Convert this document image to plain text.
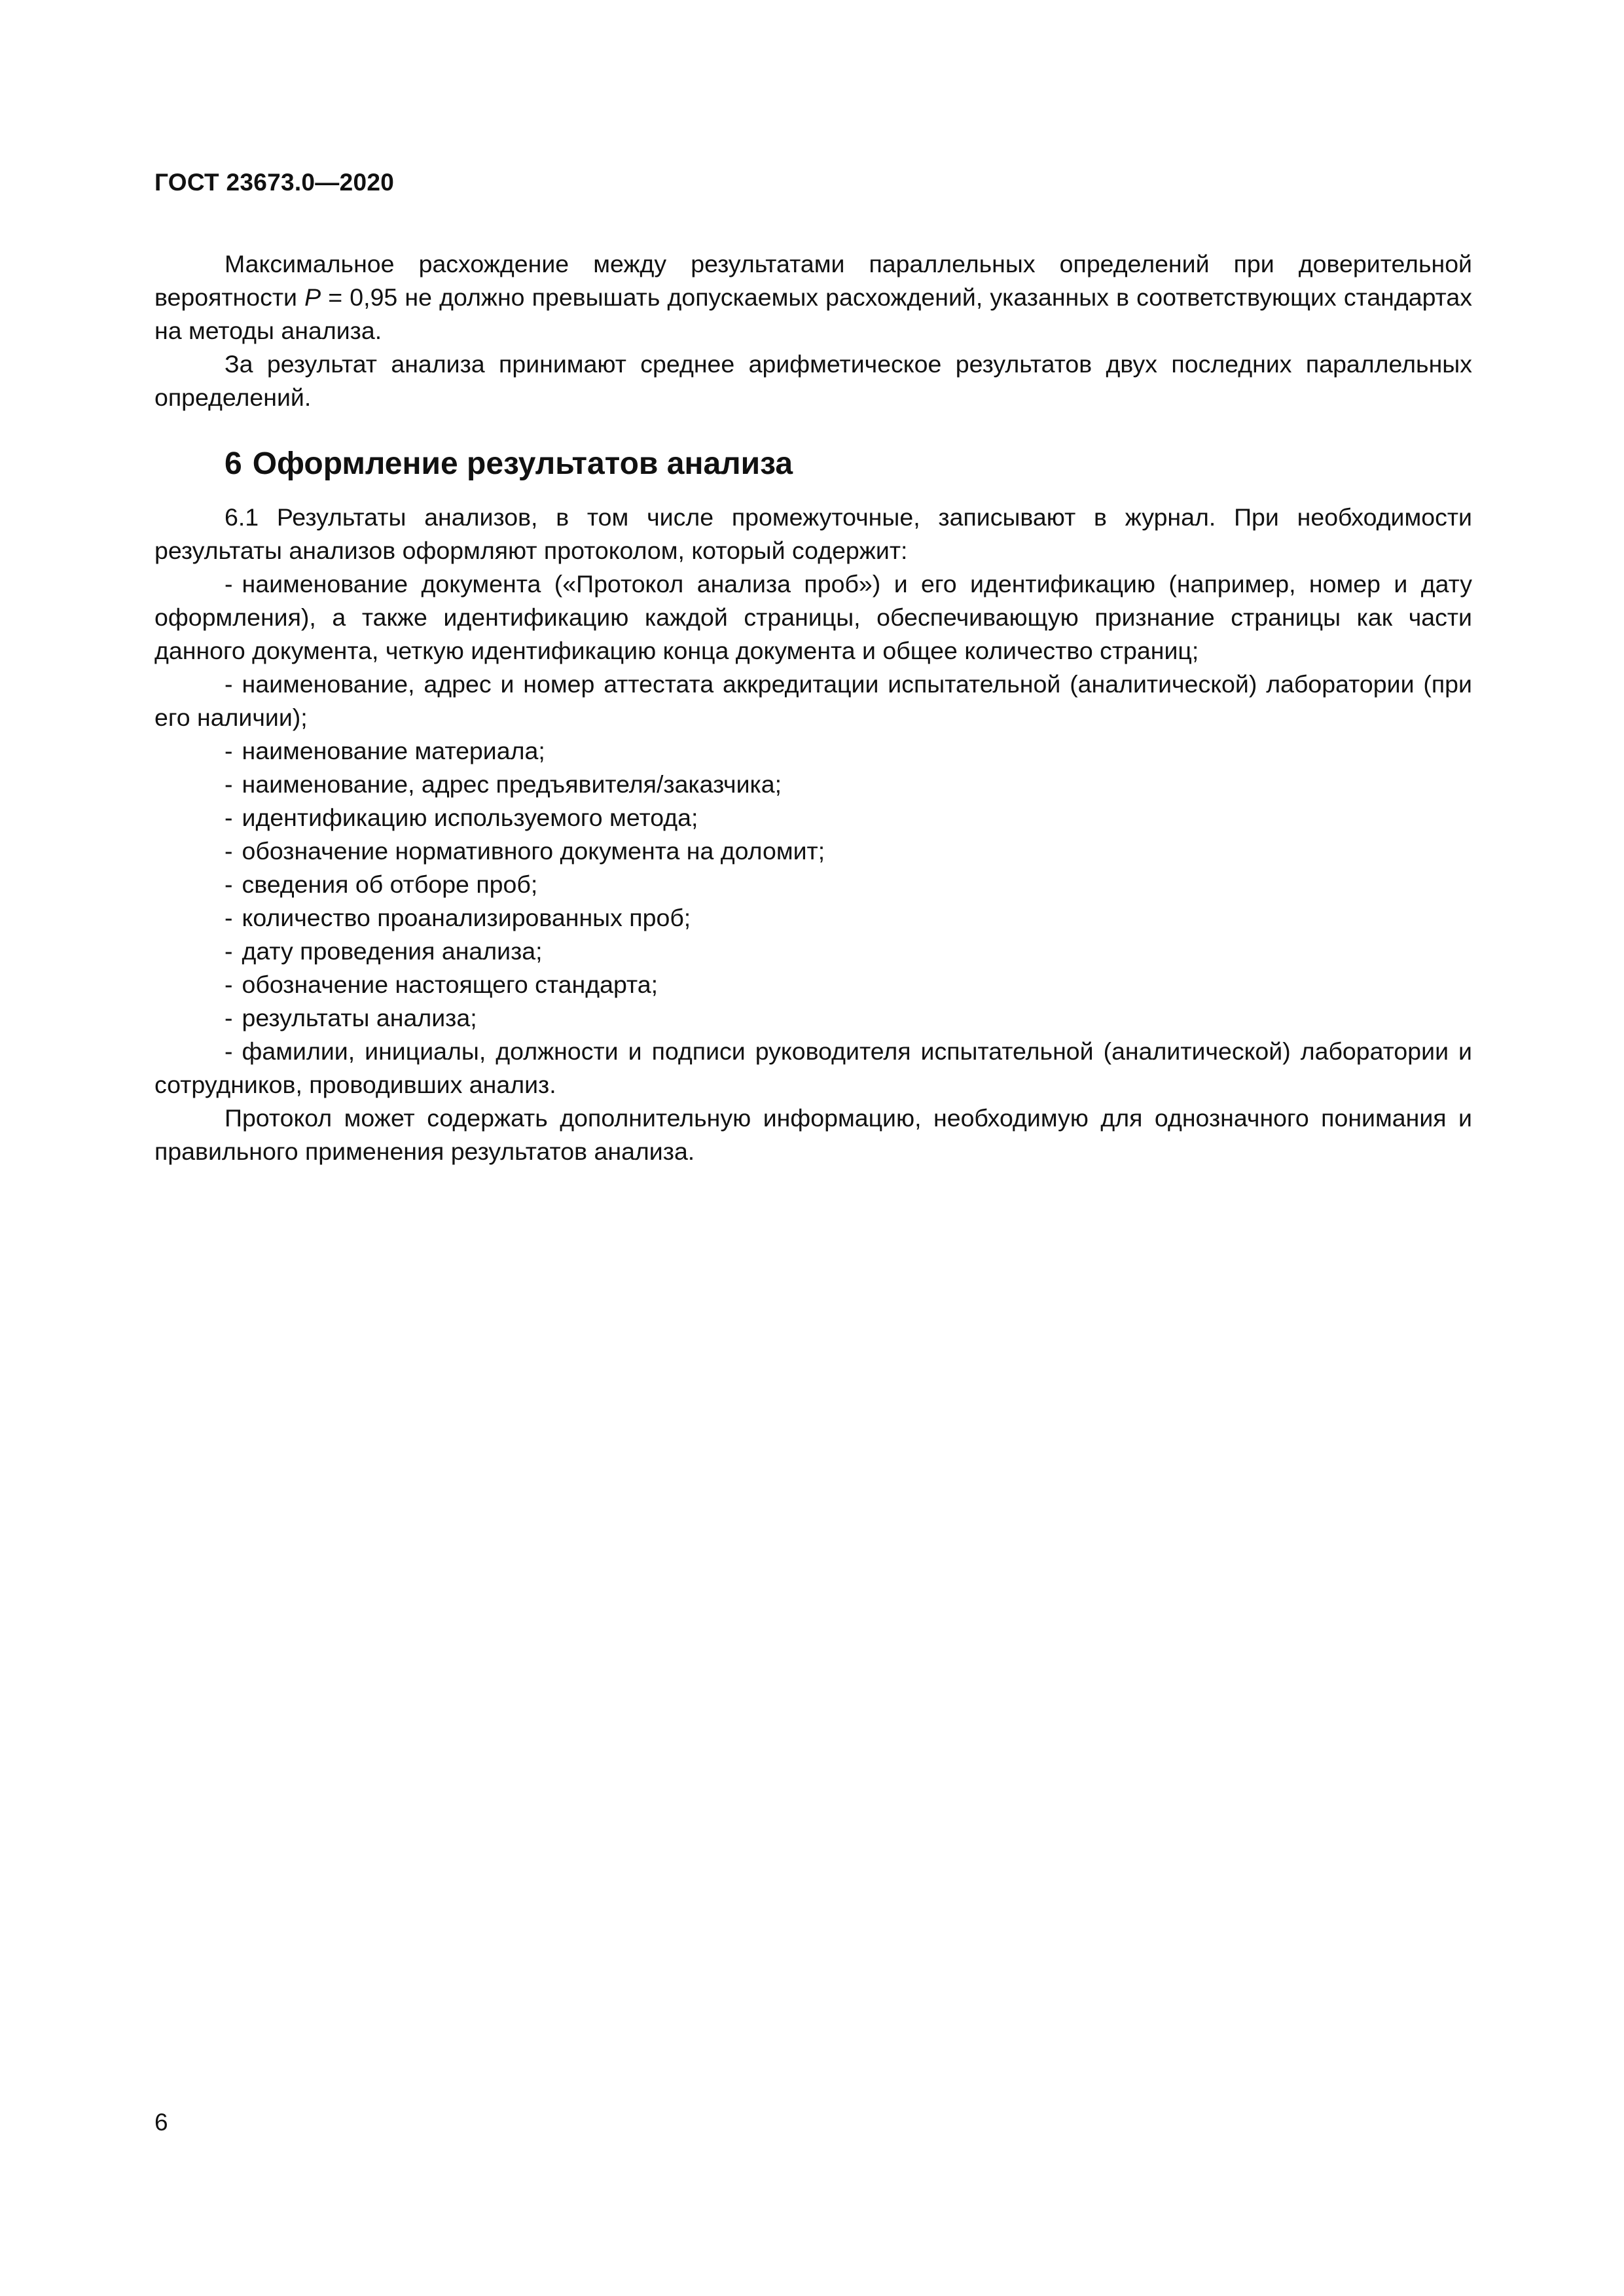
ГОСТ 23673.0—2020

Максимальное расхождение между результатами параллельных определений при доверительной вероятности P = 0,95 не должно превышать допускаемых расхождений, указанных в соответствующих стандартах на методы анализа.

За результат анализа принимают среднее арифметическое результатов двух последних параллельных определений.

6 Оформление результатов анализа

6.1 Результаты анализов, в том числе промежуточные, записывают в журнал. При необходимости результаты анализов оформляют протоколом, который содержит:

- наименование документа («Протокол анализа проб») и его идентификацию (например, номер и дату оформления), а также идентификацию каждой страницы, обеспечивающую признание страницы как части данного документа, четкую идентификацию конца документа и общее количество страниц;

- наименование, адрес и номер аттестата аккредитации испытательной (аналитической) лаборатории (при его наличии);

- наименование материала;

- наименование, адрес предъявителя/заказчика;

- идентификацию используемого метода;

- обозначение нормативного документа на доломит;

- сведения об отборе проб;

- количество проанализированных проб;

- дату проведения анализа;

- обозначение настоящего стандарта;

- результаты анализа;

- фамилии, инициалы, должности и подписи руководителя испытательной (аналитической) лаборатории и сотрудников, проводивших анализ.

Протокол может содержать дополнительную информацию, необходимую для однозначного понимания и правильного применения результатов анализа.

6
